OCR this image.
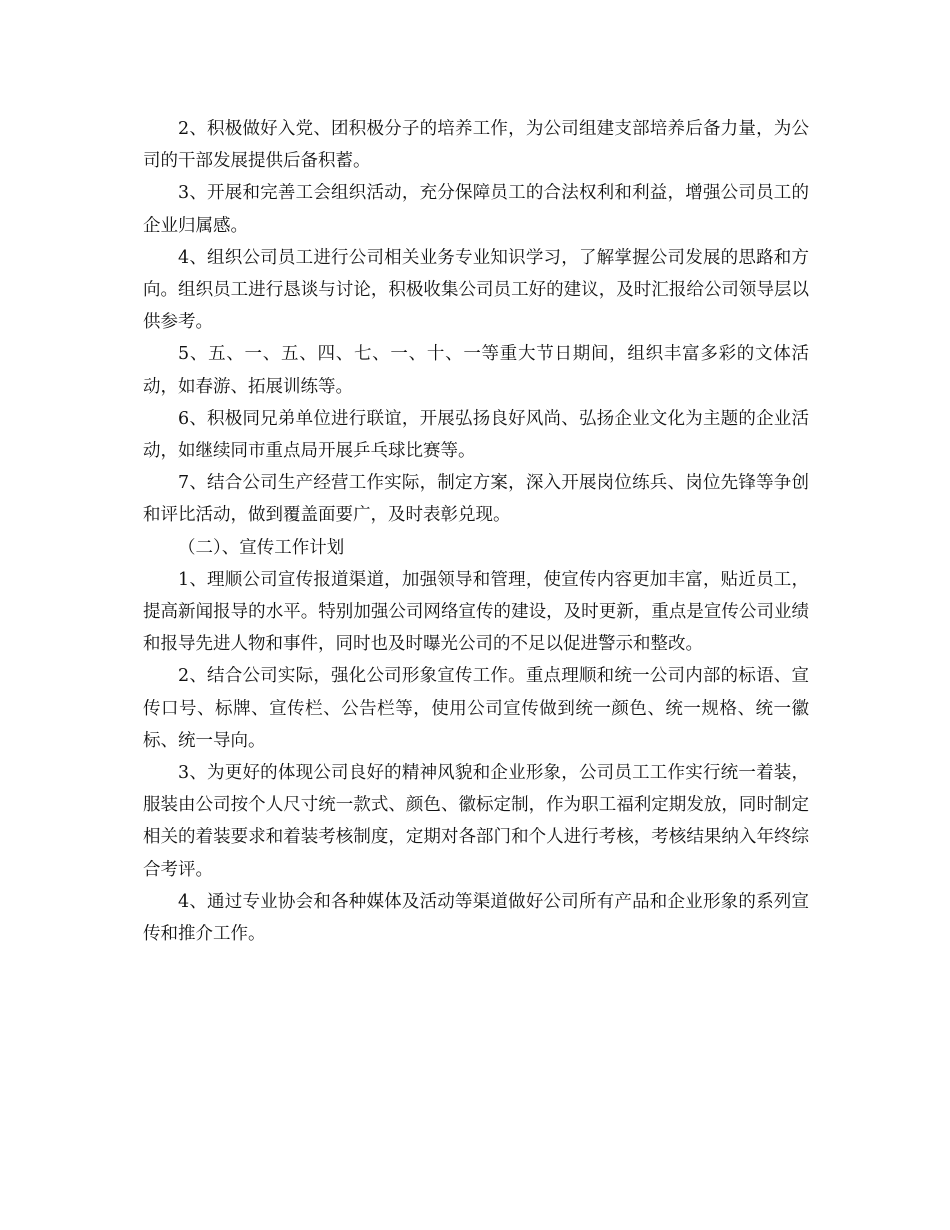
2、积极做好入党、团积极分子的培养工作，为公司组建支部培养后备力量，为公司的干部发展提供后备积蓄。

3、开展和完善工会组织活动，充分保障员工的合法权利和利益，增强公司员工的企业归属感。

4、组织公司员工进行公司相关业务专业知识学习，了解掌握公司发展的思路和方向。组织员工进行恳谈与讨论，积极收集公司员工好的建议，及时汇报给公司领导层以供参考。

5、五、一、五、四、七、一、十、一等重大节日期间，组织丰富多彩的文体活动，如春游、拓展训练等。

6、积极同兄弟单位进行联谊，开展弘扬良好风尚、弘扬企业文化为主题的企业活动，如继续同市重点局开展乒乓球比赛等。

7、结合公司生产经营工作实际，制定方案，深入开展岗位练兵、岗位先锋等争创和评比活动，做到覆盖面要广，及时表彰兑现。

（二）、宣传工作计划

1、理顺公司宣传报道渠道，加强领导和管理，使宣传内容更加丰富，贴近员工，提高新闻报导的水平。特别加强公司网络宣传的建设，及时更新，重点是宣传公司业绩和报导先进人物和事件，同时也及时曝光公司的不足以促进警示和整改。

2、结合公司实际，强化公司形象宣传工作。重点理顺和统一公司内部的标语、宣传口号、标牌、宣传栏、公告栏等，使用公司宣传做到统一颜色、统一规格、统一徽标、统一导向。

3、为更好的体现公司良好的精神风貌和企业形象，公司员工工作实行统一着装，服装由公司按个人尺寸统一款式、颜色、徽标定制，作为职工福利定期发放，同时制定相关的着装要求和着装考核制度，定期对各部门和个人进行考核，考核结果纳入年终综合考评。

4、通过专业协会和各种媒体及活动等渠道做好公司所有产品和企业形象的系列宣传和推介工作。
